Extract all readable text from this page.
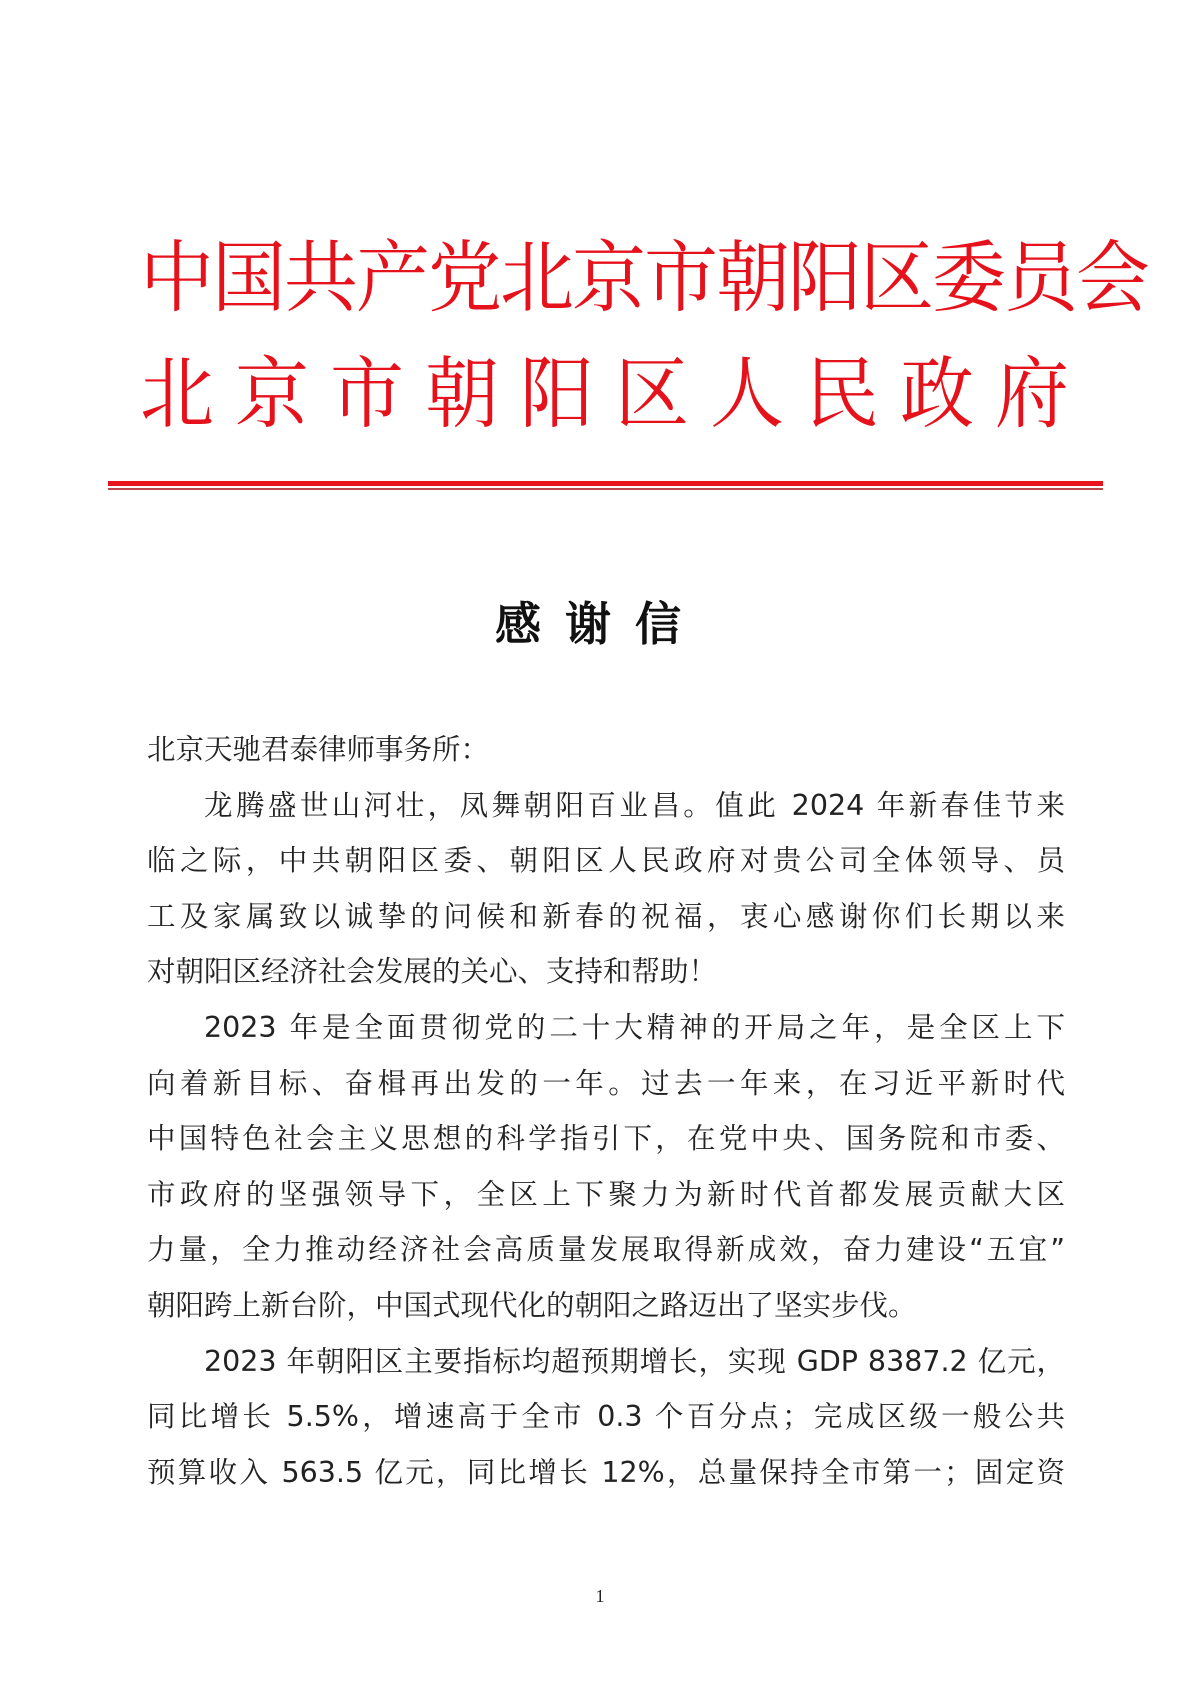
中国共产党北京市朝阳区委员会
北京市朝阳区人民政府
感谢信

北京天驰君泰律师事务所：

龙腾盛世山河壮，凤舞朝阳百业昌。值此 2024 年新春佳节来
临之际，中共朝阳区委、朝阳区人民政府对贵公司全体领导、员
工及家属致以诚挚的问候和新春的祝福，衷心感谢你们长期以来
对朝阳区经济社会发展的关心、支持和帮助！

2023 年是全面贯彻党的二十大精神的开局之年，是全区上下
向着新目标、奋楫再出发的一年。过去一年来，在习近平新时代
中国特色社会主义思想的科学指引下，在党中央、国务院和市委、
市政府的坚强领导下，全区上下聚力为新时代首都发展贡献大区
力量，全力推动经济社会高质量发展取得新成效，奋力建设“五宜”
朝阳跨上新台阶，中国式现代化的朝阳之路迈出了坚实步伐。

2023 年朝阳区主要指标均超预期增长，实现 GDP 8387.2 亿元，
同比增长 5.5%，增速高于全市 0.3 个百分点；完成区级一般公共
预算收入 563.5 亿元，同比增长 12%，总量保持全市第一；固定资

1
